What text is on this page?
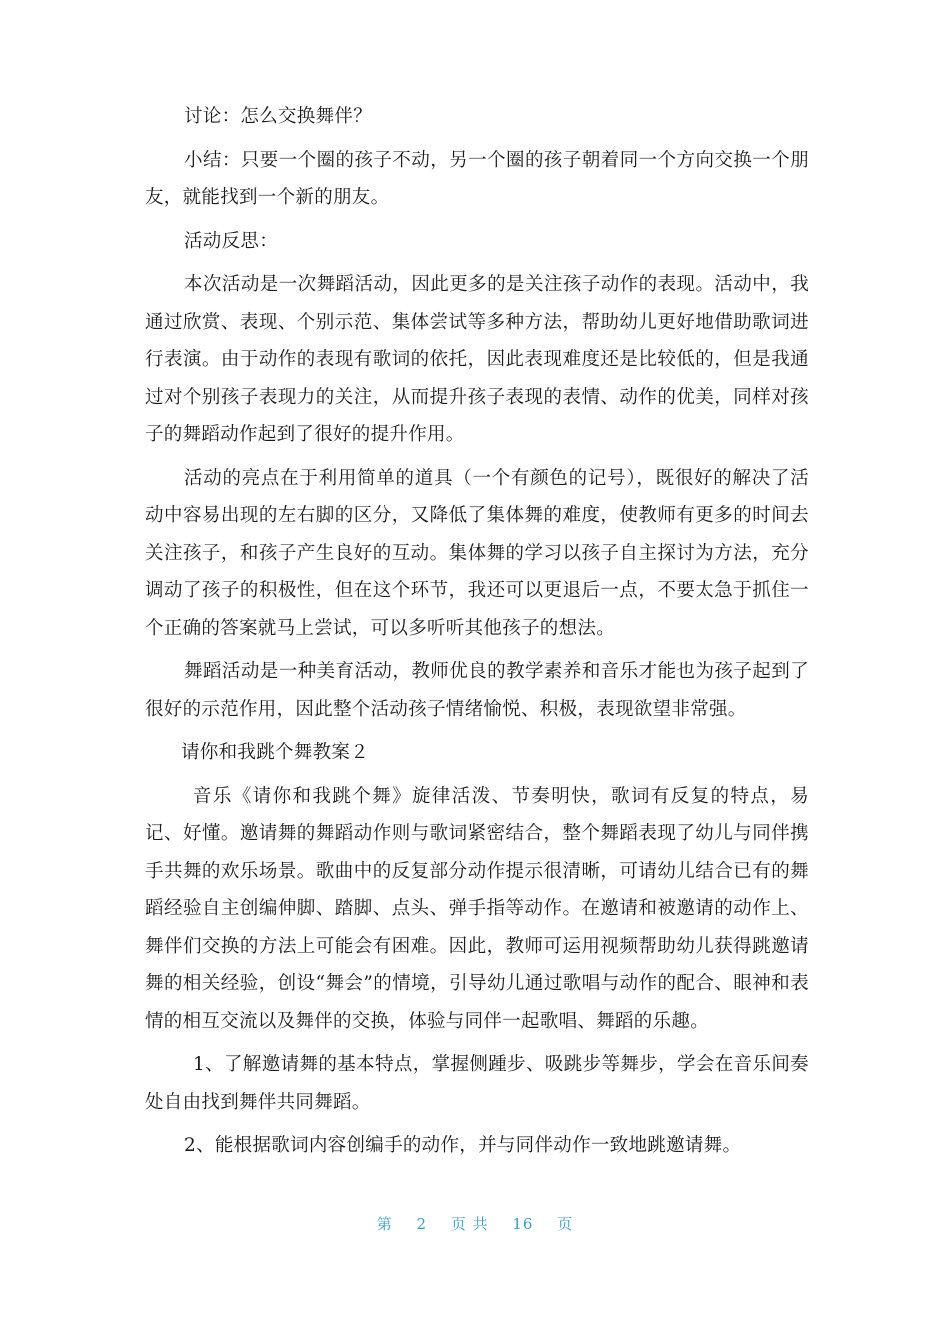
讨论：怎么交换舞伴？

小结：只要一个圈的孩子不动，另一个圈的孩子朝着同一个方向交换一个朋友，就能找到一个新的朋友。

活动反思：

本次活动是一次舞蹈活动，因此更多的是关注孩子动作的表现。活动中，我通过欣赏、表现、个别示范、集体尝试等多种方法，帮助幼儿更好地借助歌词进行表演。由于动作的表现有歌词的依托，因此表现难度还是比较低的，但是我通过对个别孩子表现力的关注，从而提升孩子表现的表情、动作的优美，同样对孩子的舞蹈动作起到了很好的提升作用。

活动的亮点在于利用简单的道具（一个有颜色的记号），既很好的解决了活动中容易出现的左右脚的区分，又降低了集体舞的难度，使教师有更多的时间去关注孩子，和孩子产生良好的互动。集体舞的学习以孩子自主探讨为方法，充分调动了孩子的积极性，但在这个环节，我还可以更退后一点，不要太急于抓住一个正确的答案就马上尝试，可以多听听其他孩子的想法。

舞蹈活动是一种美育活动，教师优良的教学素养和音乐才能也为孩子起到了很好的示范作用，因此整个活动孩子情绪愉悦、积极，表现欲望非常强。

请你和我跳个舞教案２

音乐《请你和我跳个舞》旋律活泼、节奏明快，歌词有反复的特点，易记、好懂。邀请舞的舞蹈动作则与歌词紧密结合，整个舞蹈表现了幼儿与同伴携手共舞的欢乐场景。歌曲中的反复部分动作提示很清晰，可请幼儿结合已有的舞蹈经验自主创编伸脚、踏脚、点头、弹手指等动作。在邀请和被邀请的动作上、舞伴们交换的方法上可能会有困难。因此，教师可运用视频帮助幼儿获得跳邀请舞的相关经验，创设“舞会”的情境，引导幼儿通过歌唱与动作的配合、眼神和表情的相互交流以及舞伴的交换，体验与同伴一起歌唱、舞蹈的乐趣。

1、了解邀请舞的基本特点，掌握侧踵步、吸跳步等舞步，学会在音乐间奏处自由找到舞伴共同舞蹈。

2、能根据歌词内容创编手的动作，并与同伴动作一致地跳邀请舞。

第 2 页 共 16 页
